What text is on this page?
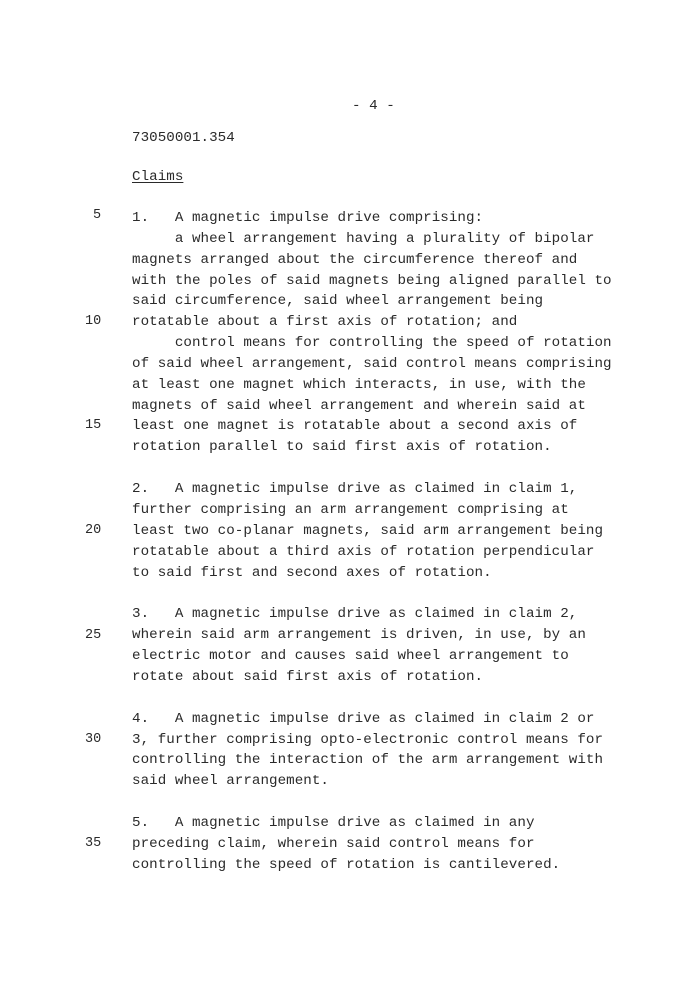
- 4 -
73050001.354
Claims
5
10
15
20
25
30
35
1.   A magnetic impulse drive comprising:
a wheel arrangement having a plurality of bipolar
magnets arranged about the circumference thereof and
with the poles of said magnets being aligned parallel to
said circumference, said wheel arrangement being
rotatable about a first axis of rotation; and
control means for controlling the speed of rotation
of said wheel arrangement, said control means comprising
at least one magnet which interacts, in use, with the
magnets of said wheel arrangement and wherein said at
least one magnet is rotatable about a second axis of
rotation parallel to said first axis of rotation.
2.   A magnetic impulse drive as claimed in claim 1,
further comprising an arm arrangement comprising at
least two co-planar magnets, said arm arrangement being
rotatable about a third axis of rotation perpendicular
to said first and second axes of rotation.
3.   A magnetic impulse drive as claimed in claim 2,
wherein said arm arrangement is driven, in use, by an
electric motor and causes said wheel arrangement to
rotate about said first axis of rotation.
4.   A magnetic impulse drive as claimed in claim 2 or
3, further comprising opto-electronic control means for
controlling the interaction of the arm arrangement with
said wheel arrangement.
5.   A magnetic impulse drive as claimed in any
preceding claim, wherein said control means for
controlling the speed of rotation is cantilevered.
